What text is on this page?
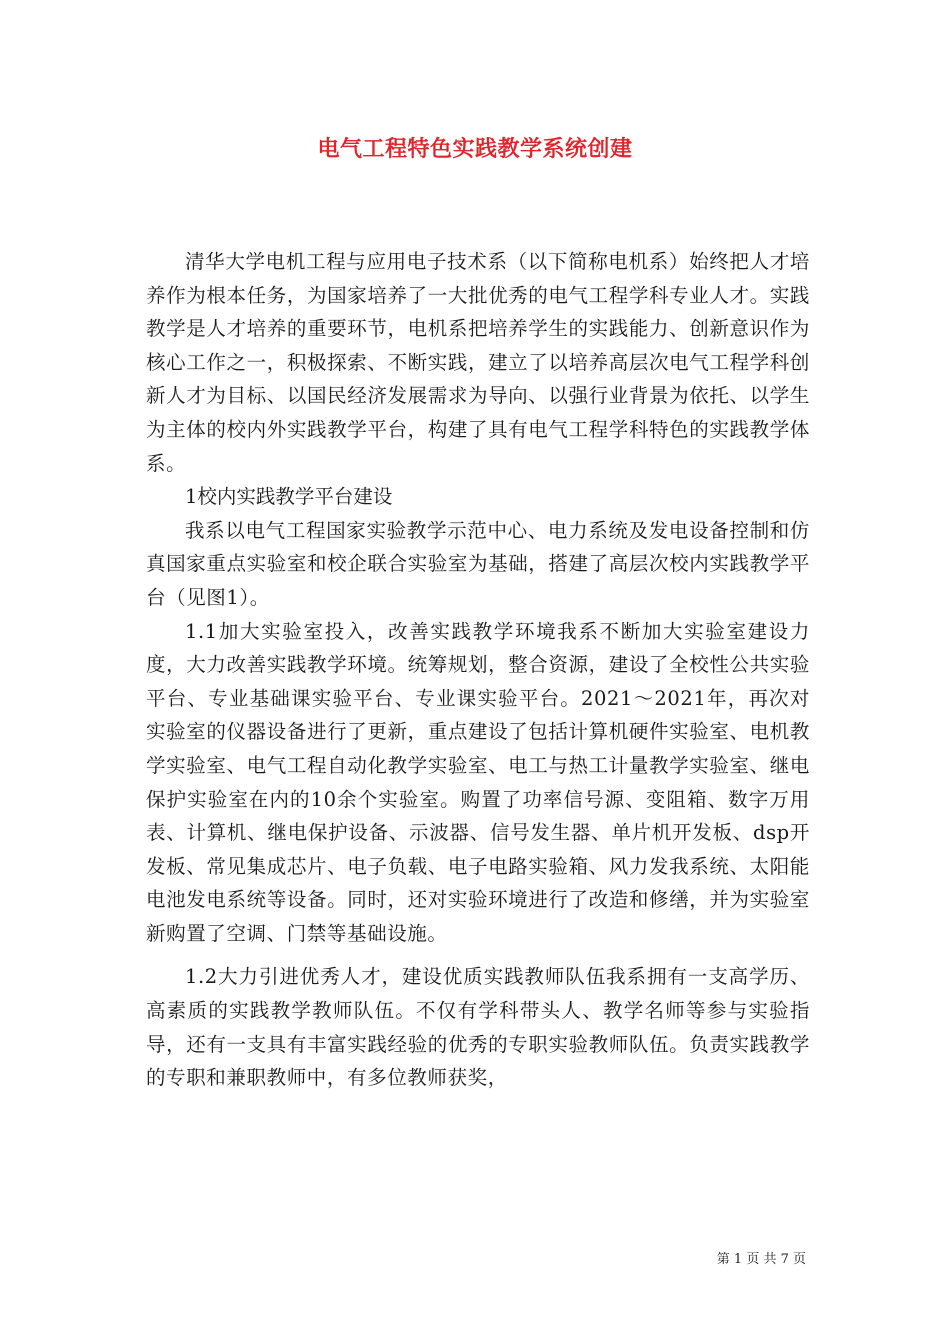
电气工程特色实践教学系统创建

清华大学电机工程与应用电子技术系（以下简称电机系）始终把人才培养作为根本任务，为国家培养了一大批优秀的电气工程学科专业人才。实践教学是人才培养的重要环节，电机系把培养学生的实践能力、创新意识作为核心工作之一，积极探索、不断实践，建立了以培养高层次电气工程学科创新人才为目标、以国民经济发展需求为导向、以强行业背景为依托、以学生为主体的校内外实践教学平台，构建了具有电气工程学科特色的实践教学体系。

1校内实践教学平台建设

我系以电气工程国家实验教学示范中心、电力系统及发电设备控制和仿真国家重点实验室和校企联合实验室为基础，搭建了高层次校内实践教学平台（见图1）。

1.1加大实验室投入，改善实践教学环境我系不断加大实验室建设力度，大力改善实践教学环境。统筹规划，整合资源，建设了全校性公共实验平台、专业基础课实验平台、专业课实验平台。2021～2021年，再次对实验室的仪器设备进行了更新，重点建设了包括计算机硬件实验室、电机教学实验室、电气工程自动化教学实验室、电工与热工计量教学实验室、继电保护实验室在内的10余个实验室。购置了功率信号源、变阻箱、数字万用表、计算机、继电保护设备、示波器、信号发生器、单片机开发板、dsp开发板、常见集成芯片、电子负载、电子电路实验箱、风力发我系统、太阳能电池发电系统等设备。同时，还对实验环境进行了改造和修缮，并为实验室新购置了空调、门禁等基础设施。

1.2大力引进优秀人才，建设优质实践教师队伍我系拥有一支高学历、高素质的实践教学教师队伍。不仅有学科带头人、教学名师等参与实验指导，还有一支具有丰富实践经验的优秀的专职实验教师队伍。负责实践教学的专职和兼职教师中，有多位教师获奖，

第 1 页 共 7 页
